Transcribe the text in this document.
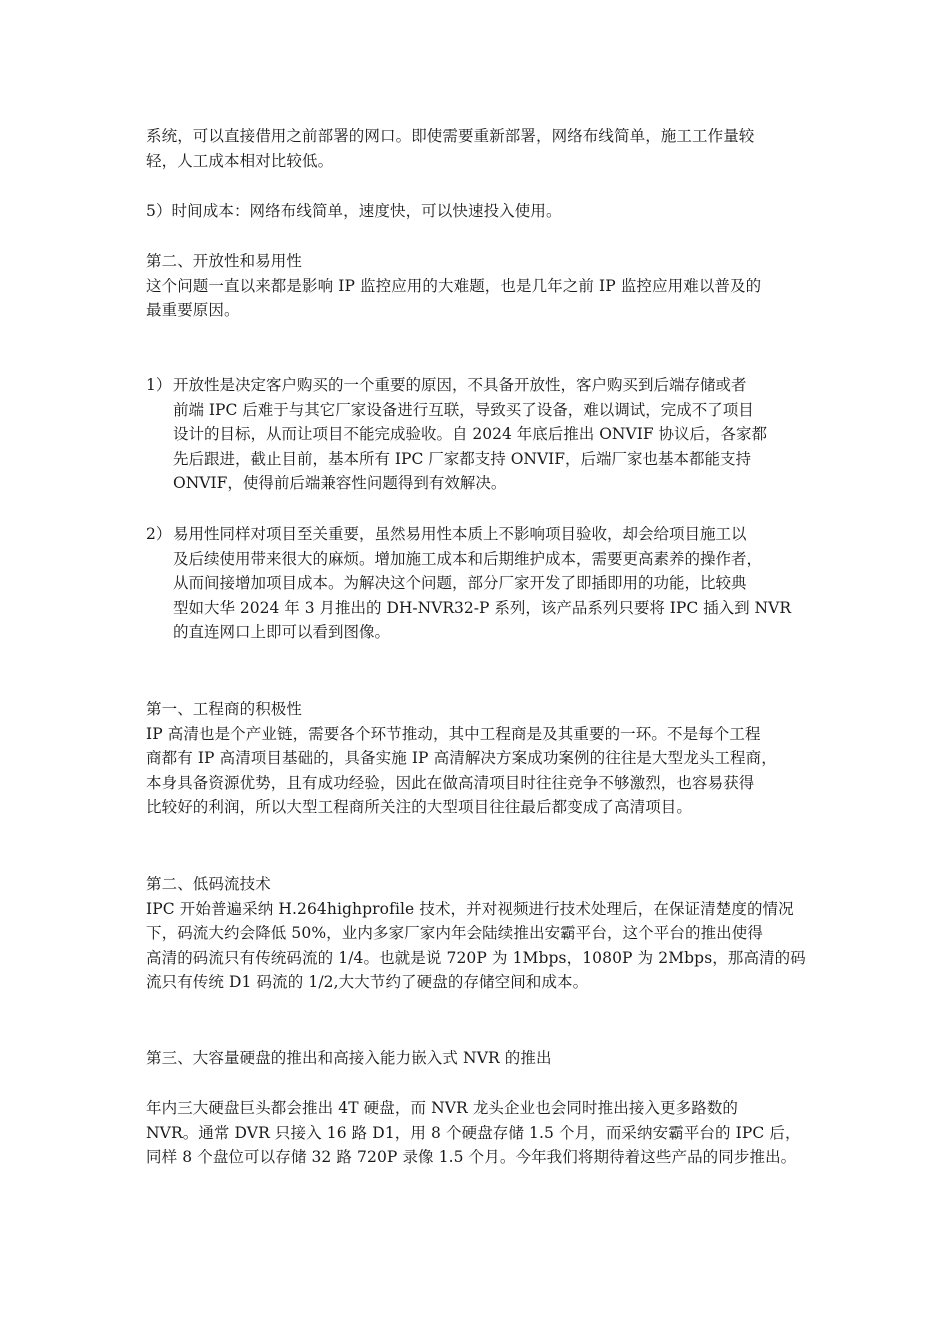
系统，可以直接借用之前部署的网口。即使需要重新部署，网络布线简单，施工工作量较
轻，人工成本相对比较低。
5）时间成本：网络布线简单，速度快，可以快速投入使用。
第二、开放性和易用性
这个问题一直以来都是影响 IP 监控应用的大难题，也是几年之前 IP 监控应用难以普及的
最重要原因。
1） 开放性是决定客户购买的一个重要的原因，不具备开放性，客户购买到后端存储或者
前端 IPC 后难于与其它厂家设备进行互联，导致买了设备，难以调试，完成不了项目
设计的目标，从而让项目不能完成验收。自 2024 年底后推出 ONVIF 协议后，各家都
先后跟进，截止目前，基本所有 IPC 厂家都支持 ONVIF，后端厂家也基本都能支持
ONVIF，使得前后端兼容性问题得到有效解决。
2） 易用性同样对项目至关重要，虽然易用性本质上不影响项目验收，却会给项目施工以
及后续使用带来很大的麻烦。增加施工成本和后期维护成本，需要更高素养的操作者，
从而间接增加项目成本。为解决这个问题，部分厂家开发了即插即用的功能，比较典
型如大华 2024 年 3 月推出的 DH-NVR32-P 系列，该产品系列只要将 IPC 插入到 NVR
的直连网口上即可以看到图像。
第一、工程商的积极性
IP 高清也是个产业链，需要各个环节推动，其中工程商是及其重要的一环。不是每个工程
商都有 IP 高清项目基础的，具备实施 IP 高清解决方案成功案例的往往是大型龙头工程商，
本身具备资源优势，且有成功经验，因此在做高清项目时往往竞争不够激烈，也容易获得
比较好的利润，所以大型工程商所关注的大型项目往往最后都变成了高清项目。
第二、低码流技术
IPC 开始普遍采纳 H.264highprofile 技术，并对视频进行技术处理后，在保证清楚度的情况
下，码流大约会降低 50%，业内多家厂家内年会陆续推出安霸平台，这个平台的推出使得
高清的码流只有传统码流的 1/4。也就是说 720P 为 1Mbps，1080P 为 2Mbps，那高清的码
流只有传统 D1 码流的 1/2,大大节约了硬盘的存储空间和成本。
第三、大容量硬盘的推出和高接入能力嵌入式 NVR 的推出
年内三大硬盘巨头都会推出 4T 硬盘，而 NVR 龙头企业也会同时推出接入更多路数的
NVR。通常 DVR 只接入 16 路 D1，用 8 个硬盘存储 1.5 个月，而采纳安霸平台的 IPC 后，
同样 8 个盘位可以存储 32 路 720P 录像 1.5 个月。今年我们将期待着这些产品的同步推出。
